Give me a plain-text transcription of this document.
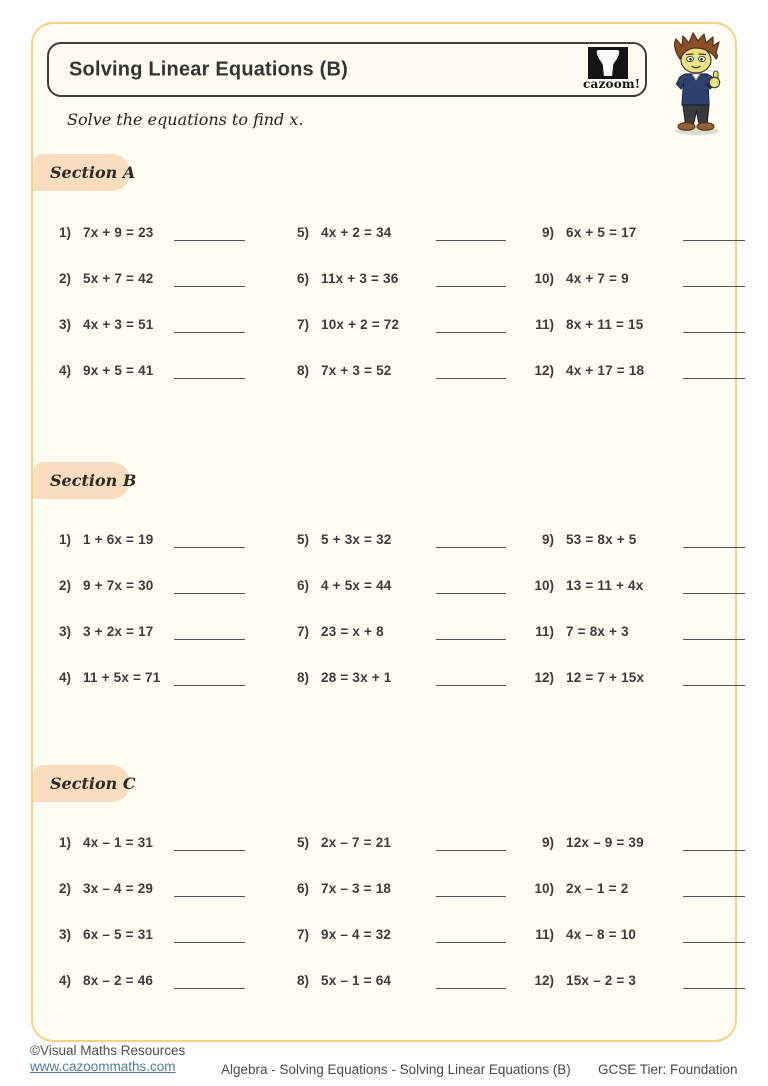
Solving Linear Equations (B)
cazoom!
Solve the equations to find x.
Section A
1) 7x + 9 = 23	5) 4x + 2 = 34	9) 6x + 5 = 17
2) 5x + 7 = 42	6) 11x + 3 = 36	10) 4x + 7 = 9
3) 4x + 3 = 51	7) 10x + 2 = 72	11) 8x + 11 = 15
4) 9x + 5 = 41	8) 7x + 3 = 52	12) 4x + 17 = 18
Section B
1) 1 + 6x = 19	5) 5 + 3x = 32	9) 53 = 8x + 5
2) 9 + 7x = 30	6) 4 + 5x = 44	10) 13 = 11 + 4x
3) 3 + 2x = 17	7) 23 = x + 8	11) 7 = 8x + 3
4) 11 + 5x = 71	8) 28 = 3x + 1	12) 12 = 7 + 15x
Section C
1) 4x – 1 = 31	5) 2x – 7 = 21	9) 12x – 9 = 39
2) 3x – 4 = 29	6) 7x – 3 = 18	10) 2x – 1 = 2
3) 6x – 5 = 31	7) 9x – 4 = 32	11) 4x – 8 = 10
4) 8x – 2 = 46	8) 5x – 1 = 64	12) 15x – 2 = 3
©Visual Maths Resources
www.cazoommaths.com	Algebra - Solving Equations - Solving Linear Equations (B) GCSE Tier: Foundation
